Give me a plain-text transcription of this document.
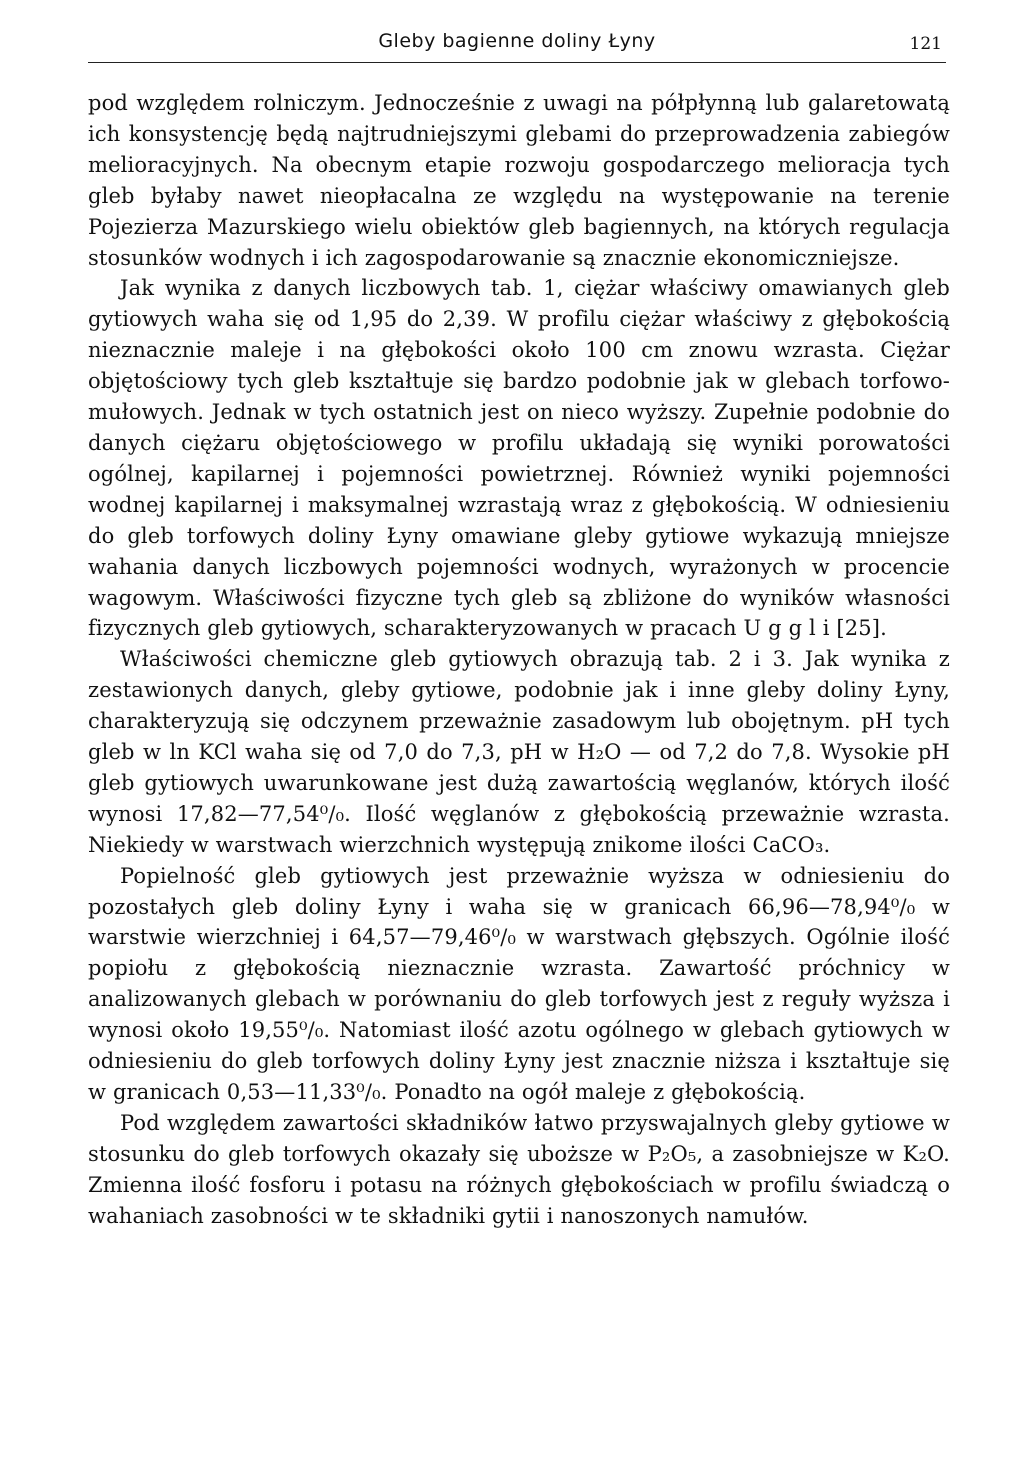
Gleby bagienne doliny Łyny	121

pod względem rolniczym. Jednocześnie z uwagi na półpłynną lub galaretowatą ich konsystencję będą najtrudniejszymi glebami do przeprowadzenia zabiegów melioracyjnych. Na obecnym etapie rozwoju gospodarczego melioracja tych gleb byłaby nawet nieopłacalna ze względu na występowanie na terenie Pojezierza Mazurskiego wielu obiektów gleb bagiennych, na których regulacja stosunków wodnych i ich zagospodarowanie są znacznie ekonomiczniejsze.

Jak wynika z danych liczbowych tab. 1, ciężar właściwy omawianych gleb gytiowych waha się od 1,95 do 2,39. W profilu ciężar właściwy z głębokością nieznacznie maleje i na głębokości około 100 cm znowu wzrasta. Ciężar objętościowy tych gleb kształtuje się bardzo podobnie jak w glebach torfowo-mułowych. Jednak w tych ostatnich jest on nieco wyższy. Zupełnie podobnie do danych ciężaru objętościowego w profilu układają się wyniki porowatości ogólnej, kapilarnej i pojemności powietrznej. Również wyniki pojemności wodnej kapilarnej i maksymalnej wzrastają wraz z głębokością. W odniesieniu do gleb torfowych doliny Łyny omawiane gleby gytiowe wykazują mniejsze wahania danych liczbowych pojemności wodnych, wyrażonych w procencie wagowym. Właściwości fizyczne tych gleb są zbliżone do wyników własności fizycznych gleb gytiowych, scharakteryzowanych w pracach U g g l i [25].

Właściwości chemiczne gleb gytiowych obrazują tab. 2 i 3. Jak wynika z zestawionych danych, gleby gytiowe, podobnie jak i inne gleby doliny Łyny, charakteryzują się odczynem przeważnie zasadowym lub obojętnym. pH tych gleb w ln KCl waha się od 7,0 do 7,3, pH w H₂O — od 7,2 do 7,8. Wysokie pH gleb gytiowych uwarunkowane jest dużą zawartością węglanów, których ilość wynosi 17,82—77,54⁰/₀. Ilość węglanów z głębokością przeważnie wzrasta. Niekiedy w warstwach wierzchnich występują znikome ilości CaCO₃.

Popielność gleb gytiowych jest przeważnie wyższa w odniesieniu do pozostałych gleb doliny Łyny i waha się w granicach 66,96—78,94⁰/₀ w warstwie wierzchniej i 64,57—79,46⁰/₀ w warstwach głębszych. Ogólnie ilość popiołu z głębokością nieznacznie wzrasta. Zawartość próchnicy w analizowanych glebach w porównaniu do gleb torfowych jest z reguły wyższa i wynosi około 19,55⁰/₀. Natomiast ilość azotu ogólnego w glebach gytiowych w odniesieniu do gleb torfowych doliny Łyny jest znacznie niższa i kształtuje się w granicach 0,53—11,33⁰/₀. Ponadto na ogół maleje z głębokością.

Pod względem zawartości składników łatwo przyswajalnych gleby gytiowe w stosunku do gleb torfowych okazały się uboższe w P₂O₅, a zasobniejsze w K₂O. Zmienna ilość fosforu i potasu na różnych głębokościach w profilu świadczą o wahaniach zasobności w te składniki gytii i nanoszonych namułów.
